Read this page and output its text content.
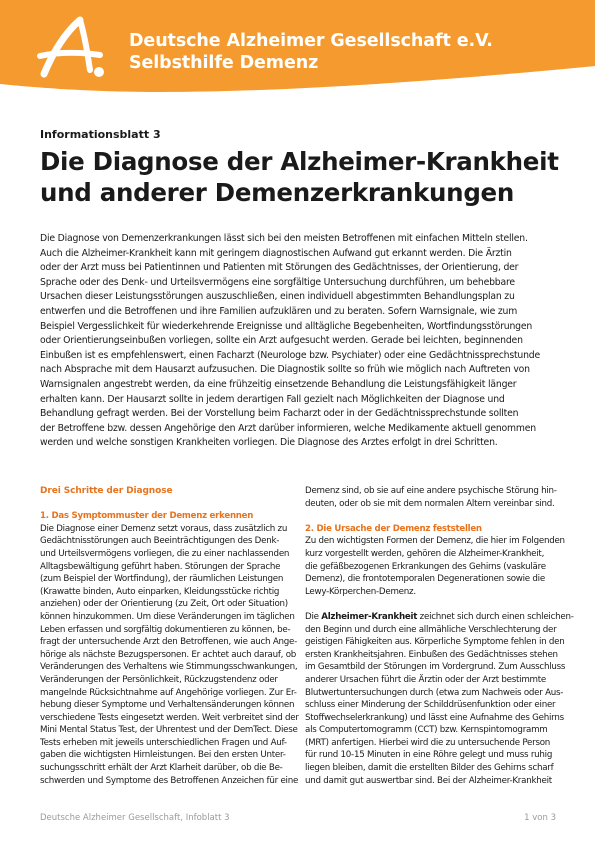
Deutsche Alzheimer Gesellschaft e.V.
Selbsthilfe Demenz
Informationsblatt 3
Die Diagnose der Alzheimer-Krankheit
und anderer Demenzerkrankungen
Die Diagnose von Demenzerkrankungen lässt sich bei den meisten Betroffenen mit einfachen Mitteln stellen.
Auch die Alzheimer-Krankheit kann mit geringem diagnostischen Aufwand gut erkannt werden. Die Ärztin
oder der Arzt muss bei Patientinnen und Patienten mit Störungen des Gedächtnisses, der Orientierung, der
Sprache oder des Denk- und Urteilsvermögens eine sorgfältige Untersuchung durchführen, um behebbare
Ursachen dieser Leistungsstörungen auszuschließen, einen individuell abgestimmten Behandlungsplan zu
entwerfen und die Betroffenen und ihre Familien aufzuklären und zu beraten. Sofern Warnsignale, wie zum
Beispiel Vergesslichkeit für wiederkehrende Ereignisse und alltägliche Begebenheiten, Wortfindungsstörungen
oder Orientierungseinbußen vorliegen, sollte ein Arzt aufgesucht werden. Gerade bei leichten, beginnenden
Einbußen ist es empfehlenswert, einen Facharzt (Neurologe bzw. Psychiater) oder eine Gedächtnissprechstunde
nach Absprache mit dem Hausarzt aufzusuchen. Die Diagnostik sollte so früh wie möglich nach Auftreten von
Warnsignalen angestrebt werden, da eine frühzeitig einsetzende Behandlung die Leistungsfähigkeit länger
erhalten kann. Der Hausarzt sollte in jedem derartigen Fall gezielt nach Möglichkeiten der Diagnose und
Behandlung gefragt werden. Bei der Vorstellung beim Facharzt oder in der Gedächtnissprechstunde sollten
der Betroffene bzw. dessen Angehörige den Arzt darüber informieren, welche Medikamente aktuell genommen
werden und welche sonstigen Krankheiten vorliegen. Die Diagnose des Arztes erfolgt in drei Schritten.
Drei Schritte der Diagnose
1. Das Symptommuster der Demenz erkennen
Die Diagnose einer Demenz setzt voraus, dass zusätzlich zu
Gedächtnisstörungen auch Beeinträchtigungen des Denk-
und Urteilsvermögens vorliegen, die zu einer nachlassenden
Alltagsbewältigung geführt haben. Störungen der Sprache
(zum Beispiel der Wortfindung), der räumlichen Leistungen
(Krawatte binden, Auto einparken, Kleidungsstücke richtig
anziehen) oder der Orientierung (zu Zeit, Ort oder Situation)
können hinzukommen. Um diese Veränderungen im täglichen
Leben erfassen und sorgfältig dokumentieren zu können, be-
fragt der untersuchende Arzt den Betroffenen, wie auch Ange-
hörige als nächste Bezugspersonen. Er achtet auch darauf, ob
Veränderungen des Verhaltens wie Stimmungsschwankungen,
Veränderungen der Persönlichkeit, Rückzugstendenz oder
mangelnde Rücksichtnahme auf Angehörige vorliegen. Zur Er-
hebung dieser Symptome und Verhaltensänderungen können
verschiedene Tests eingesetzt werden. Weit verbreitet sind der
Mini Mental Status Test, der Uhrentest und der DemTect. Diese
Tests erheben mit jeweils unterschiedlichen Fragen und Auf-
gaben die wichtigsten Hirnleistungen. Bei den ersten Unter-
suchungsschritt erhält der Arzt Klarheit darüber, ob die Be-
schwerden und Symptome des Betroffenen Anzeichen für eine
Demenz sind, ob sie auf eine andere psychische Störung hin-
deuten, oder ob sie mit dem normalen Altern vereinbar sind.
2. Die Ursache der Demenz feststellen
Zu den wichtigsten Formen der Demenz, die hier im Folgenden
kurz vorgestellt werden, gehören die Alzheimer-Krankheit,
die gefäßbezogenen Erkrankungen des Gehirns (vaskuläre
Demenz), die frontotemporalen Degenerationen sowie die
Lewy-Körperchen-Demenz.
Die Alzheimer-Krankheit zeichnet sich durch einen schleichen-
den Beginn und durch eine allmähliche Verschlechterung der
geistigen Fähigkeiten aus. Körperliche Symptome fehlen in den
ersten Krankheitsjahren. Einbußen des Gedächtnisses stehen
im Gesamtbild der Störungen im Vordergrund. Zum Ausschluss
anderer Ursachen führt die Ärztin oder der Arzt bestimmte
Blutwertuntersuchungen durch (etwa zum Nachweis oder Aus-
schluss einer Minderung der Schilddrüsenfunktion oder einer
Stoffwechselerkrankung) und lässt eine Aufnahme des Gehirns
als Computertomogramm (CCT) bzw. Kernspintomogramm
(MRT) anfertigen. Hierbei wird die zu untersuchende Person
für rund 10-15 Minuten in eine Röhre gelegt und muss ruhig
liegen bleiben, damit die erstellten Bilder des Gehirns scharf
und damit gut auswertbar sind. Bei der Alzheimer-Krankheit
Deutsche Alzheimer Gesellschaft, Infoblatt 3	1 von 3
